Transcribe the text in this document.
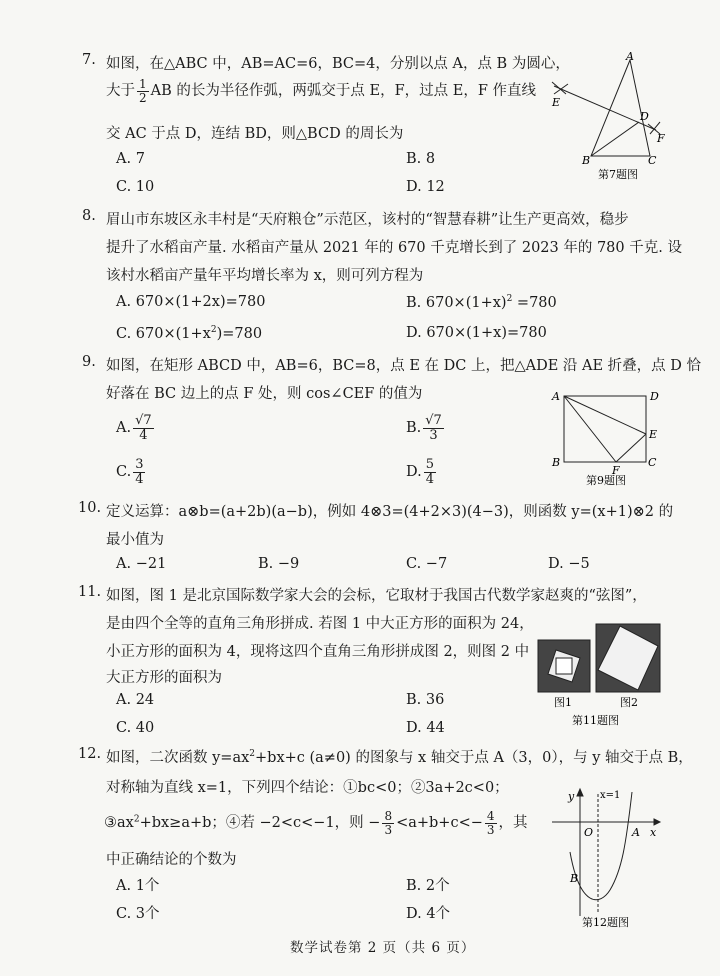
7. 如图，在△ABC 中，AB=AC=6，BC=4，分别以点 A，点 B 为圆心，
大于 $\frac{1}{2}$ AB 的长为半径作弧，两弧交于点 E，F，过点 E，F 作直线
交 AC 于点 D，连结 BD，则△BCD 的周长为
A. 7	B. 8
C. 10	D. 12
A
B	C
D
E
F
第7题图
8. 眉山市东坡区永丰村是“天府粮仓”示范区，该村的“智慧春耕”让生产更高效，稳步
提升了水稻亩产量. 水稻亩产量从 2021 年的 670 千克增长到了 2023 年的 780 千克. 设
该村水稻亩产量年平均增长率为 x，则可列方程为
A. 670×(1+2x)=780	B. $670\times(1+x)^2 =780$
C. $670\times(1+x^2)=780$	D. 670×(1+x)=780
9. 如图，在矩形 ABCD 中，AB=6，BC=8，点 E 在 DC 上，把△ADE 沿 AE 折叠，点 D 恰
好落在 BC 边上的点 F 处，则 cos∠CEF 的值为
A. $\frac{√7}{4}$	B. $\frac{√7}{3}$
C. $\frac{3}{4}$	D. $\frac{5}{4}$
A	D
E
B	C
F
第9题图
10. 定义运算：a⊗b=(a+2b)(a−b)，例如 4⊗3=(4+2×3)(4−3)，则函数 y=(x+1)⊗2 的
最小值为
A. −21	B. −9	C. −7	D. −5
11. 如图，图 1 是北京国际数学家大会的会标，它取材于我国古代数学家赵爽的“弦图”，
是由四个全等的直角三角形拼成. 若图 1 中大正方形的面积为 24，
小正方形的面积为 4，现将这四个直角三角形拼成图 2，则图 2 中
大正方形的面积为
A. 24	B. 36
C. 40	D. 44
图1	图2
第11题图
12. 如图，二次函数 $y=ax^2+bx+c$ (a≠0) 的图象与 x 轴交于点 A（3，0），与 y 轴交于点 B，
对称轴为直线 x=1，下列四个结论：①bc<0；②3a+2c<0；
$③ax^2+bx\ge a+b$；④若 −2<c<−1，则 − $\frac{8}{3} <a+b+c<- \frac{4}{3}$ ，其
中正确结论的个数为
A. 1个	B. 2个
C. 3个	D. 4个
y	x=1
x
O	A
B
第12题图
数学试卷第 2 页（共 6 页）
